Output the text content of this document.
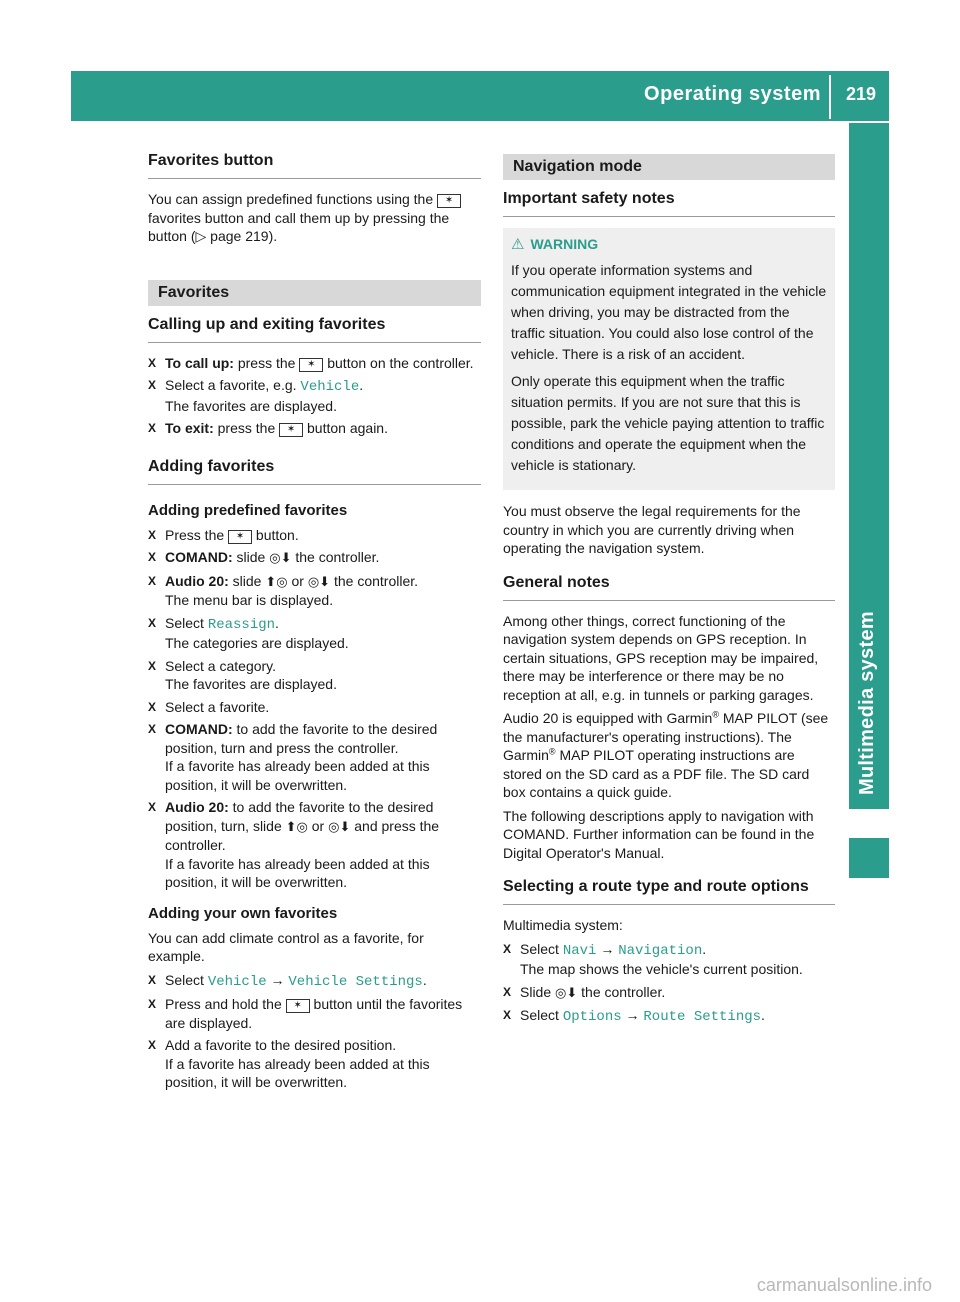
Operating system	219
Multimedia system
Favorites button

You can assign predefined functions using the ✶ favorites button and call them up by pressing the button (▷ page 219).

Favorites
Calling up and exiting favorites
X To call up: press the ✶ button on the controller.
X Select a favorite, e.g. Vehicle.
The favorites are displayed.
X To exit: press the ✶ button again.
Adding favorites
Adding predefined favorites
X Press the ✶ button.
X COMAND: slide ◎⬇ the controller.
X Audio 20: slide ⬆◎ or ◎⬇ the controller.
The menu bar is displayed.
X Select Reassign.
The categories are displayed.
X Select a category.
The favorites are displayed.
X Select a favorite.
X COMAND: to add the favorite to the desired position, turn and press the controller.
If a favorite has already been added at this position, it will be overwritten.
X Audio 20: to add the favorite to the desired position, turn, slide ⬆◎ or ◎⬇ and press the controller.
If a favorite has already been added at this position, it will be overwritten.
Adding your own favorites

You can add climate control as a favorite, for example.

X Select Vehicle → Vehicle Settings.
X Press and hold the ✶ button until the favorites are displayed.
X Add a favorite to the desired position.
If a favorite has already been added at this position, it will be overwritten.
Navigation mode
Important safety notes
⚠ WARNING

If you operate information systems and communication equipment integrated in the vehicle when driving, you may be distracted from the traffic situation. You could also lose control of the vehicle. There is a risk of an accident.

Only operate this equipment when the traffic situation permits. If you are not sure that this is possible, park the vehicle paying attention to traffic conditions and operate the equipment when the vehicle is stationary.

You must observe the legal requirements for the country in which you are currently driving when operating the navigation system.

General notes

Among other things, correct functioning of the navigation system depends on GPS reception. In certain situations, GPS reception may be impaired, there may be interference or there may be no reception at all, e.g. in tunnels or parking garages.

Audio 20 is equipped with Garmin® MAP PILOT (see the manufacturer's operating instructions). The Garmin® MAP PILOT operating instructions are stored on the SD card as a PDF file. The SD card box contains a quick guide.

The following descriptions apply to navigation with COMAND. Further information can be found in the Digital Operator's Manual.

Selecting a route type and route options

Multimedia system:

X Select Navi → Navigation.
The map shows the vehicle's current position.
X Slide ◎⬇ the controller.
X Select Options → Route Settings.
carmanualsonline.info
